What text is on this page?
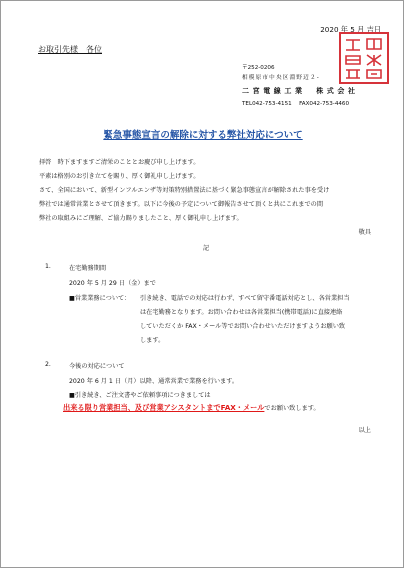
2020 年 5 月 吉日
お取引先様　各位
〒252-0206
相模原市中央区淵野辺２-
二宮電線工業　株式会社
TEL042-753-4151　 FAX042-753-4460
緊急事態宣言の解除に対する弊社対応について
拝啓　時下ますますご清栄のこととお慶び申し上げます。
平素は格別のお引き立てを賜り、厚く御礼申し上げます。
さて、全国において、新型インフルエンザ等対策特別措置法に基づく緊急事態宣言が解除された事を受け
弊社では通常営業とさせて頂きます。以下に今後の予定について御報告させて頂くと共にこれまでの間
弊社の取組みにご理解、ご協力賜りましたこと、厚く御礼申し上げます。
敬具
記
1.	在宅勤務期間
2020 年 5 月 29 日（金）まで
■営業業務について： 引き続き、電話での対応は行わず、すべて留守番電話対応とし、各営業担当
は在宅勤務となります。お問い合わせは各営業担当(携帯電話)に直接連絡
していただくか FAX・メール等でお問い合わせいただけますようお願い致
します。
2.	今後の対応について
2020 年 6 月 1 日（月）以降、通常営業で業務を行います。
■引き続き、ご注文書やご依頼事項につきましては
出来る限り営業担当、及び営業アシスタントまでFAX・メールでお願い致します。
以上
